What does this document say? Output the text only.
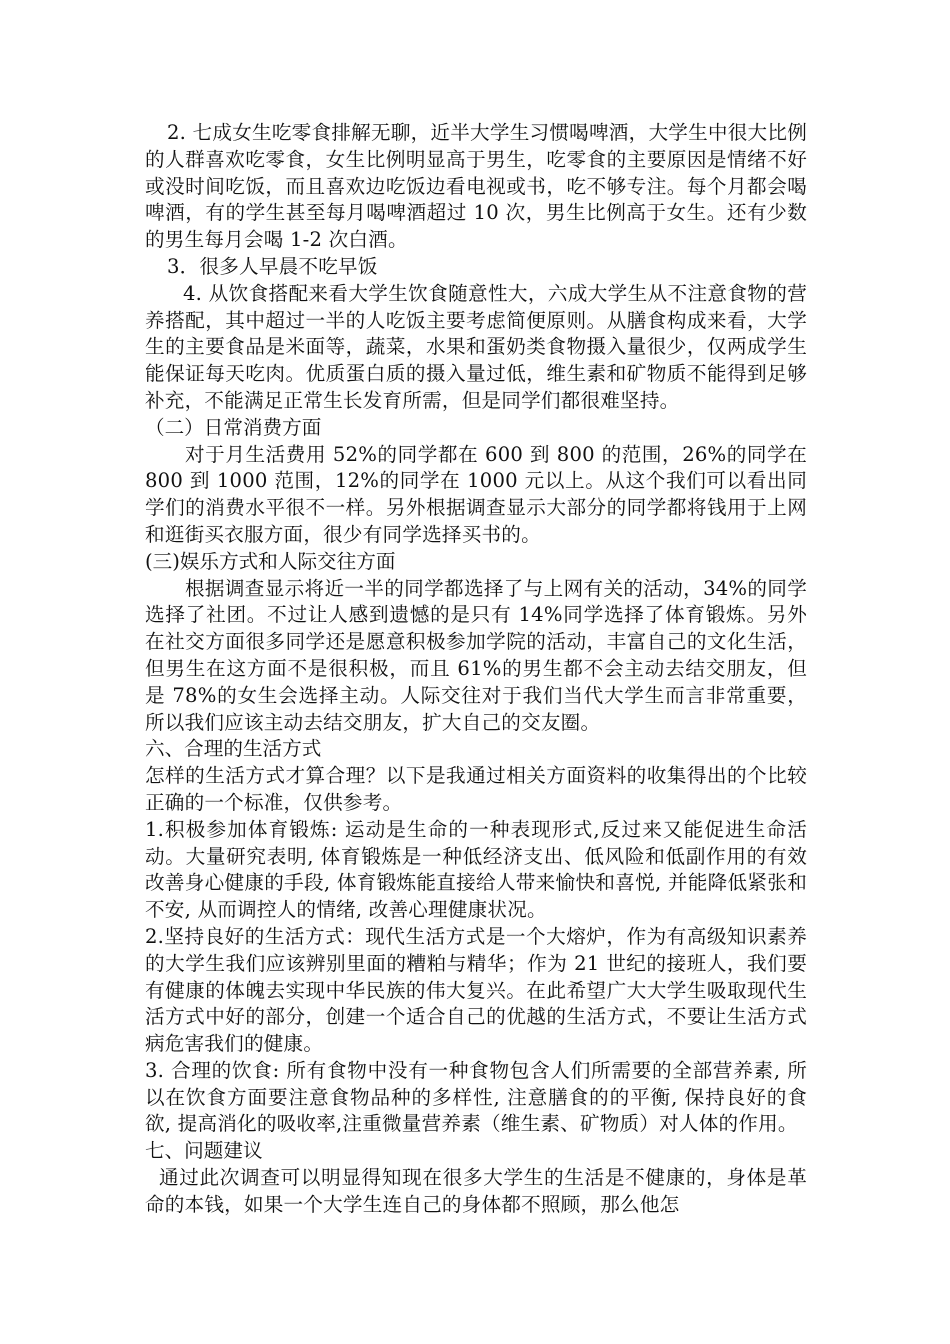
2. 七成女生吃零食排解无聊，近半大学生习惯喝啤酒，大学生中很大比例的人群喜欢吃零食，女生比例明显高于男生，吃零食的主要原因是情绪不好或没时间吃饭，而且喜欢边吃饭边看电视或书，吃不够专注。每个月都会喝啤酒，有的学生甚至每月喝啤酒超过 10 次，男生比例高于女生。还有少数的男生每月会喝 1-2 次白酒。

3．很多人早晨不吃早饭

4. 从饮食搭配来看大学生饮食随意性大，六成大学生从不注意食物的营养搭配，其中超过一半的人吃饭主要考虑简便原则。从膳食构成来看，大学生的主要食品是米面等，蔬菜，水果和蛋奶类食物摄入量很少，仅两成学生能保证每天吃肉。优质蛋白质的摄入量过低，维生素和矿物质不能得到足够补充，不能满足正常生长发育所需，但是同学们都很难坚持。

（二）日常消费方面

对于月生活费用 52%的同学都在 600 到 800 的范围，26%的同学在 800 到 1000 范围，12%的同学在 1000 元以上。从这个我们可以看出同学们的消费水平很不一样。另外根据调查显示大部分的同学都将钱用于上网和逛街买衣服方面，很少有同学选择买书的。

(三)娱乐方式和人际交往方面

根据调查显示将近一半的同学都选择了与上网有关的活动，34%的同学选择了社团。不过让人感到遗憾的是只有 14%同学选择了体育锻炼。另外在社交方面很多同学还是愿意积极参加学院的活动，丰富自己的文化生活，但男生在这方面不是很积极，而且 61%的男生都不会主动去结交朋友，但是 78%的女生会选择主动。人际交往对于我们当代大学生而言非常重要，所以我们应该主动去结交朋友，扩大自己的交友圈。

六、合理的生活方式

怎样的生活方式才算合理？以下是我通过相关方面资料的收集得出的个比较正确的一个标准，仅供参考。

1.积极参加体育锻炼: 运动是生命的一种表现形式,反过来又能促进生命活动。大量研究表明, 体育锻炼是一种低经济支出、低风险和低副作用的有效改善身心健康的手段, 体育锻炼能直接给人带来愉快和喜悦, 并能降低紧张和不安, 从而调控人的情绪, 改善心理健康状况。

2.坚持良好的生活方式：现代生活方式是一个大熔炉，作为有高级知识素养的大学生我们应该辨别里面的糟粕与精华；作为 21 世纪的接班人，我们要有健康的体魄去实现中华民族的伟大复兴。在此希望广大大学生吸取现代生活方式中好的部分，创建一个适合自己的优越的生活方式，不要让生活方式病危害我们的健康。

3. 合理的饮食: 所有食物中没有一种食物包含人们所需要的全部营养素, 所以在饮食方面要注意食物品种的多样性, 注意膳食的的平衡, 保持良好的食欲, 提高消化的吸收率,注重微量营养素（维生素、矿物质）对人体的作用。

七、问题建议

通过此次调查可以明显得知现在很多大学生的生活是不健康的，身体是革命的本钱，如果一个大学生连自己的身体都不照顾，那么他怎
